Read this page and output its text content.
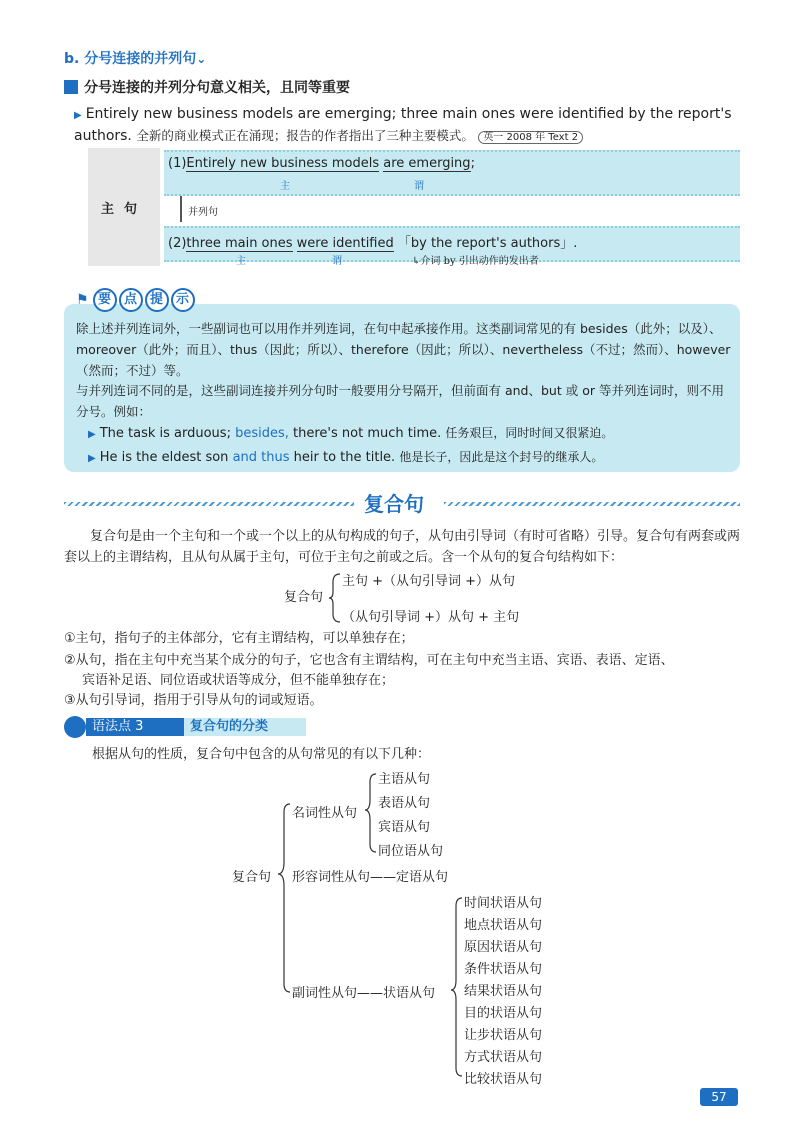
b. 分号连接的并列句⌄
分号连接的并列分句意义相关，且同等重要
▶ Entirely new business models are emerging; three main ones were identified by the report's authors. 全新的商业模式正在涌现；报告的作者指出了三种主要模式。 英一 2008 年 Text 2
主句
(1)Entirely new business models are emerging;
主	谓
并列句
(2)three main ones were identified 「by the report's authors」.
主	谓	↳介词 by 引出动作的发出者
⚑ 要 点 提 示
除上述并列连词外，一些副词也可以用作并列连词，在句中起承接作用。这类副词常见的有 besides（此外；以及）、moreover（此外；而且）、thus（因此；所以）、therefore（因此；所以）、nevertheless（不过；然而）、however（然而；不过）等。
与并列连词不同的是，这些副词连接并列分句时一般要用分号隔开，但前面有 and、but 或 or 等并列连词时，则不用分号。例如：
▶ The task is arduous; besides, there's not much time. 任务艰巨，同时时间又很紧迫。
▶ He is the eldest son and thus heir to the title. 他是长子，因此是这个封号的继承人。
复合句
复合句是由一个主句和一个或一个以上的从句构成的句子，从句由引导词（有时可省略）引导。复合句有两套或两套以上的主谓结构，且从句从属于主句，可位于主句之前或之后。含一个从句的复合句结构如下：
复合句
主句 +（从句引导词 +）从句
（从句引导词 +）从句 + 主句
①主句，指句子的主体部分，它有主谓结构，可以单独存在；
②从句，指在主句中充当某个成分的句子，它也含有主谓结构，可在主句中充当主语、宾语、表语、定语、
宾语补足语、同位语或状语等成分，但不能单独存在；
③从句引导词，指用于引导从句的词或短语。
语法点 3	复合句的分类
根据从句的性质，复合句中包含的从句常见的有以下几种：
复合句
名词性从句
主语从句
表语从句
宾语从句
同位语从句
形容词性从句——定语从句
副词性从句——状语从句
时间状语从句
地点状语从句
原因状语从句
条件状语从句
结果状语从句
目的状语从句
让步状语从句
方式状语从句
比较状语从句
57
